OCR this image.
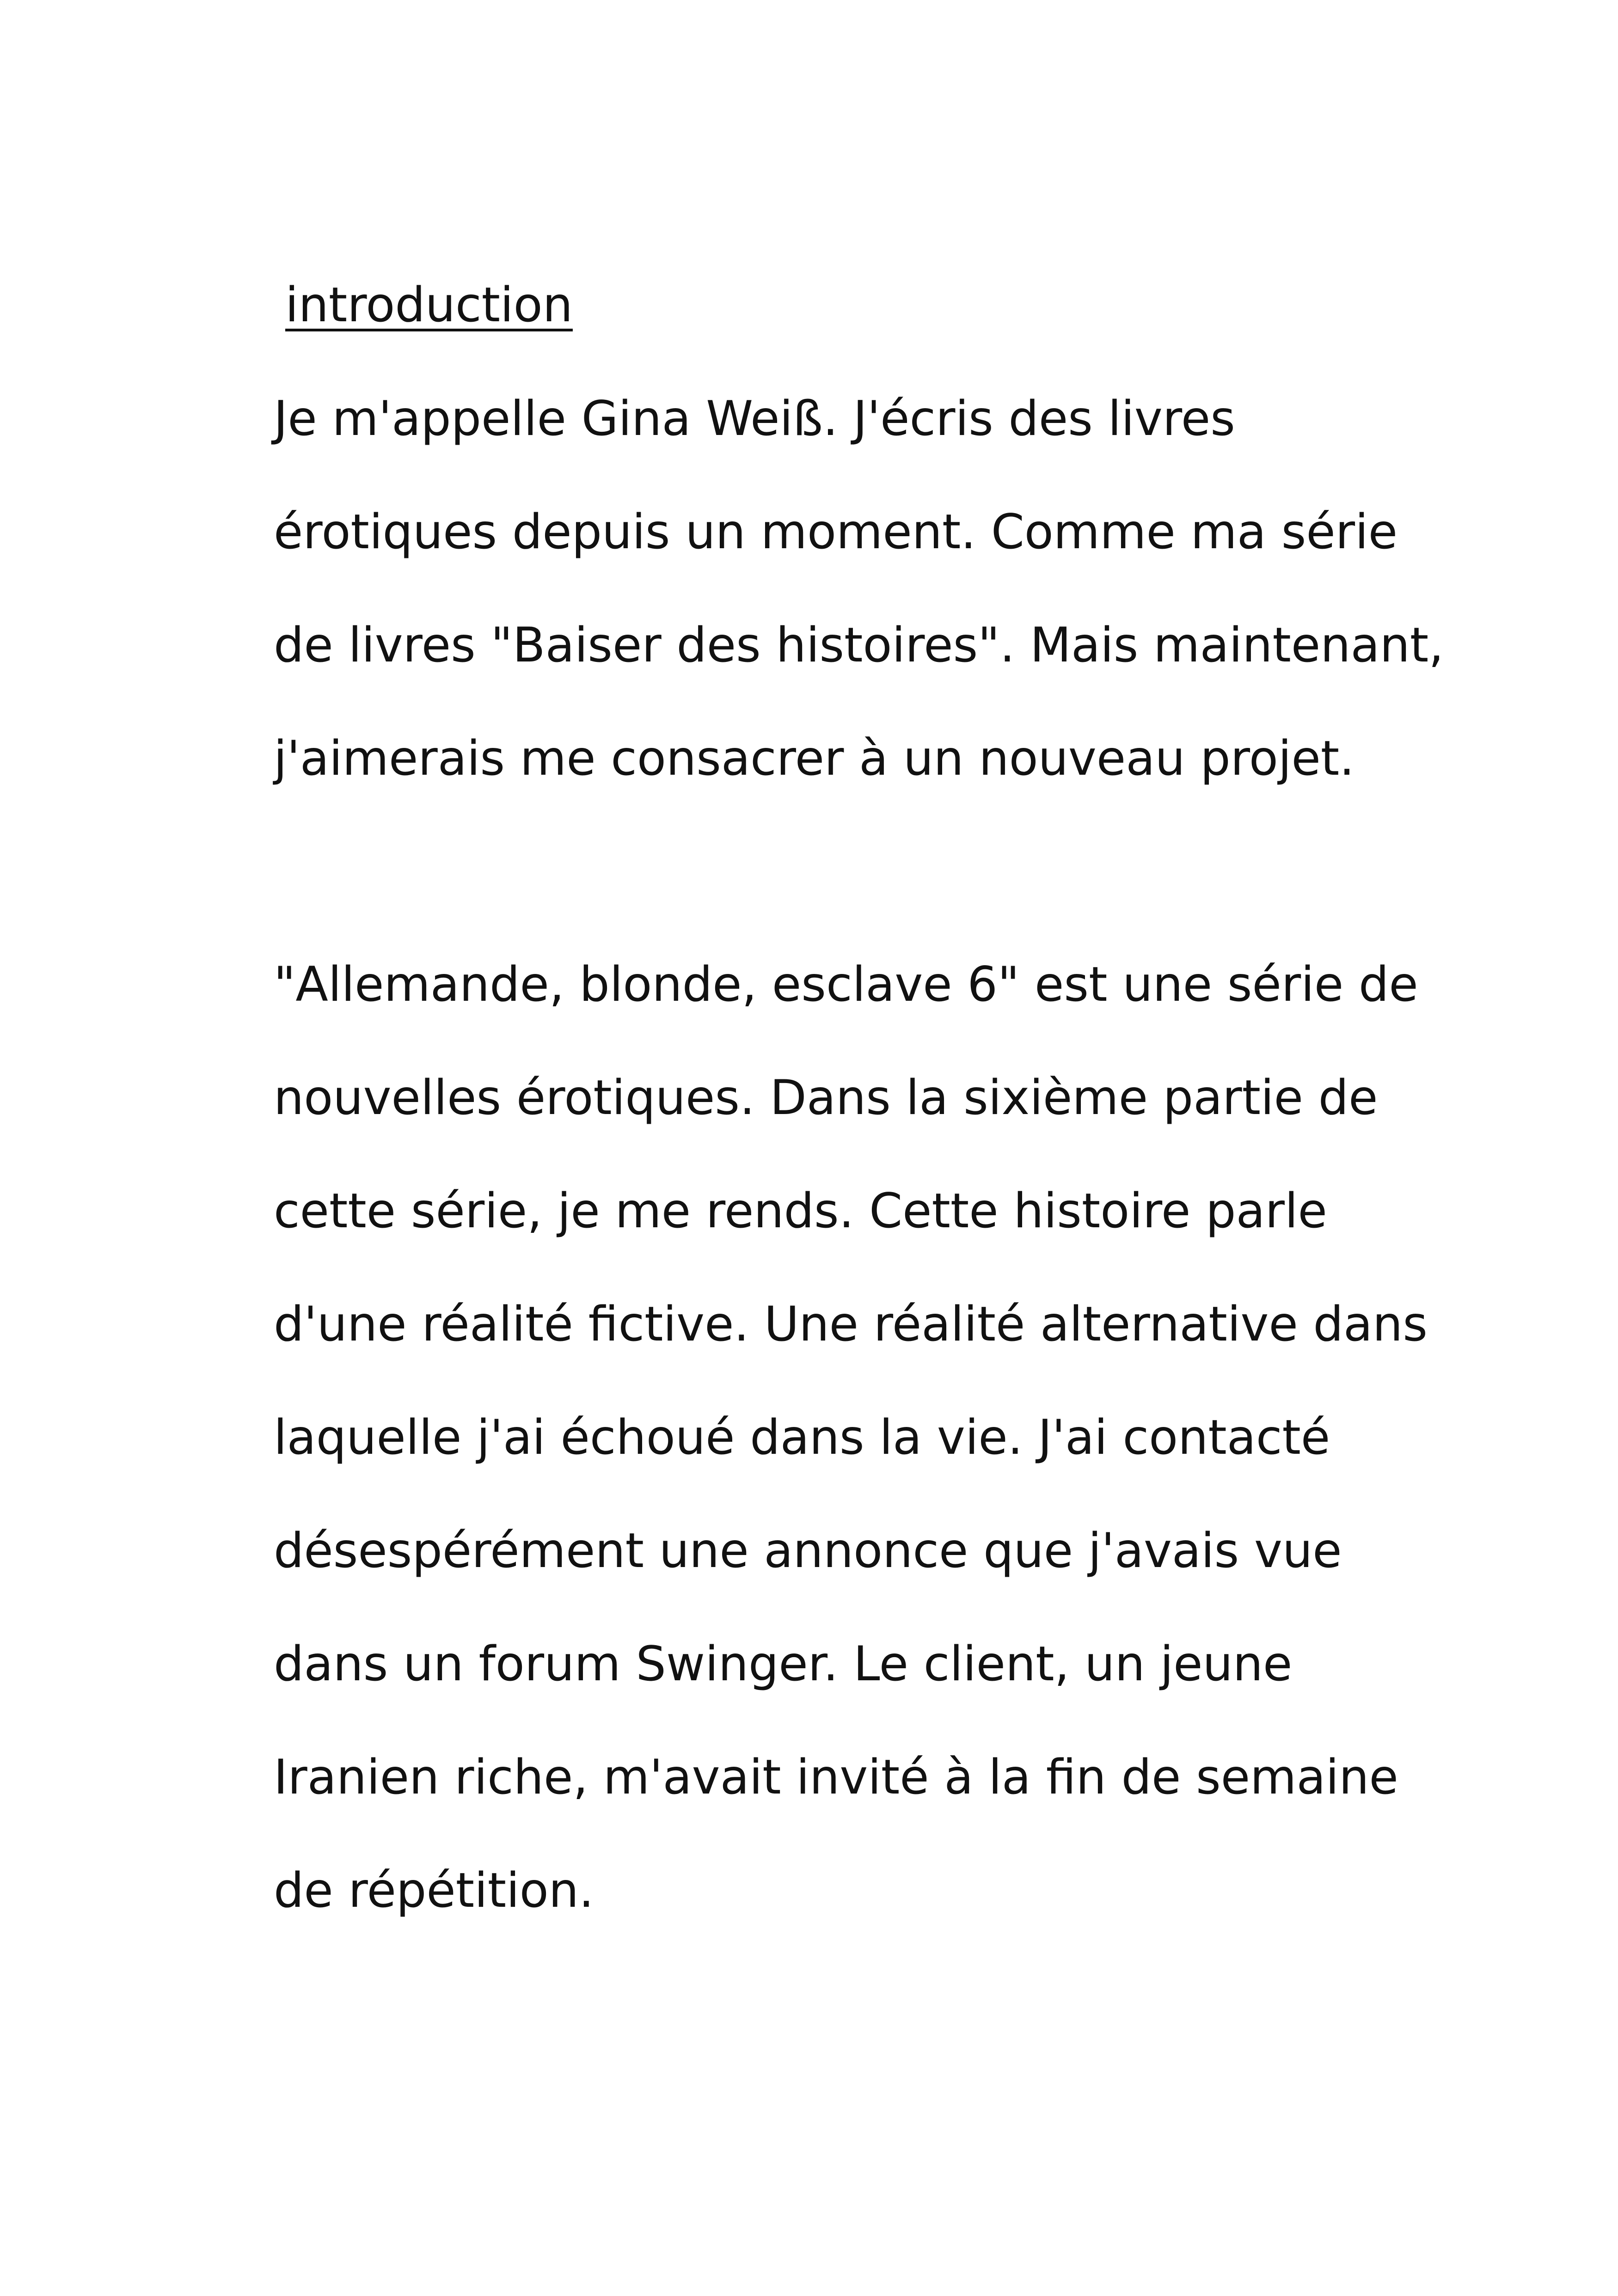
introduction

Je m'appelle Gina Weiß. J'écris des livres

érotiques depuis un moment. Comme ma série

de livres "Baiser des histoires". Mais maintenant,

j'aimerais me consacrer à un nouveau projet.

"Allemande, blonde, esclave 6" est une série de

nouvelles érotiques. Dans la sixième partie de

cette série, je me rends. Cette histoire parle

d'une réalité fictive. Une réalité alternative dans

laquelle j'ai échoué dans la vie. J'ai contacté

désespérément une annonce que j'avais vue

dans un forum Swinger. Le client, un jeune

Iranien riche, m'avait invité à la fin de semaine

de répétition.
